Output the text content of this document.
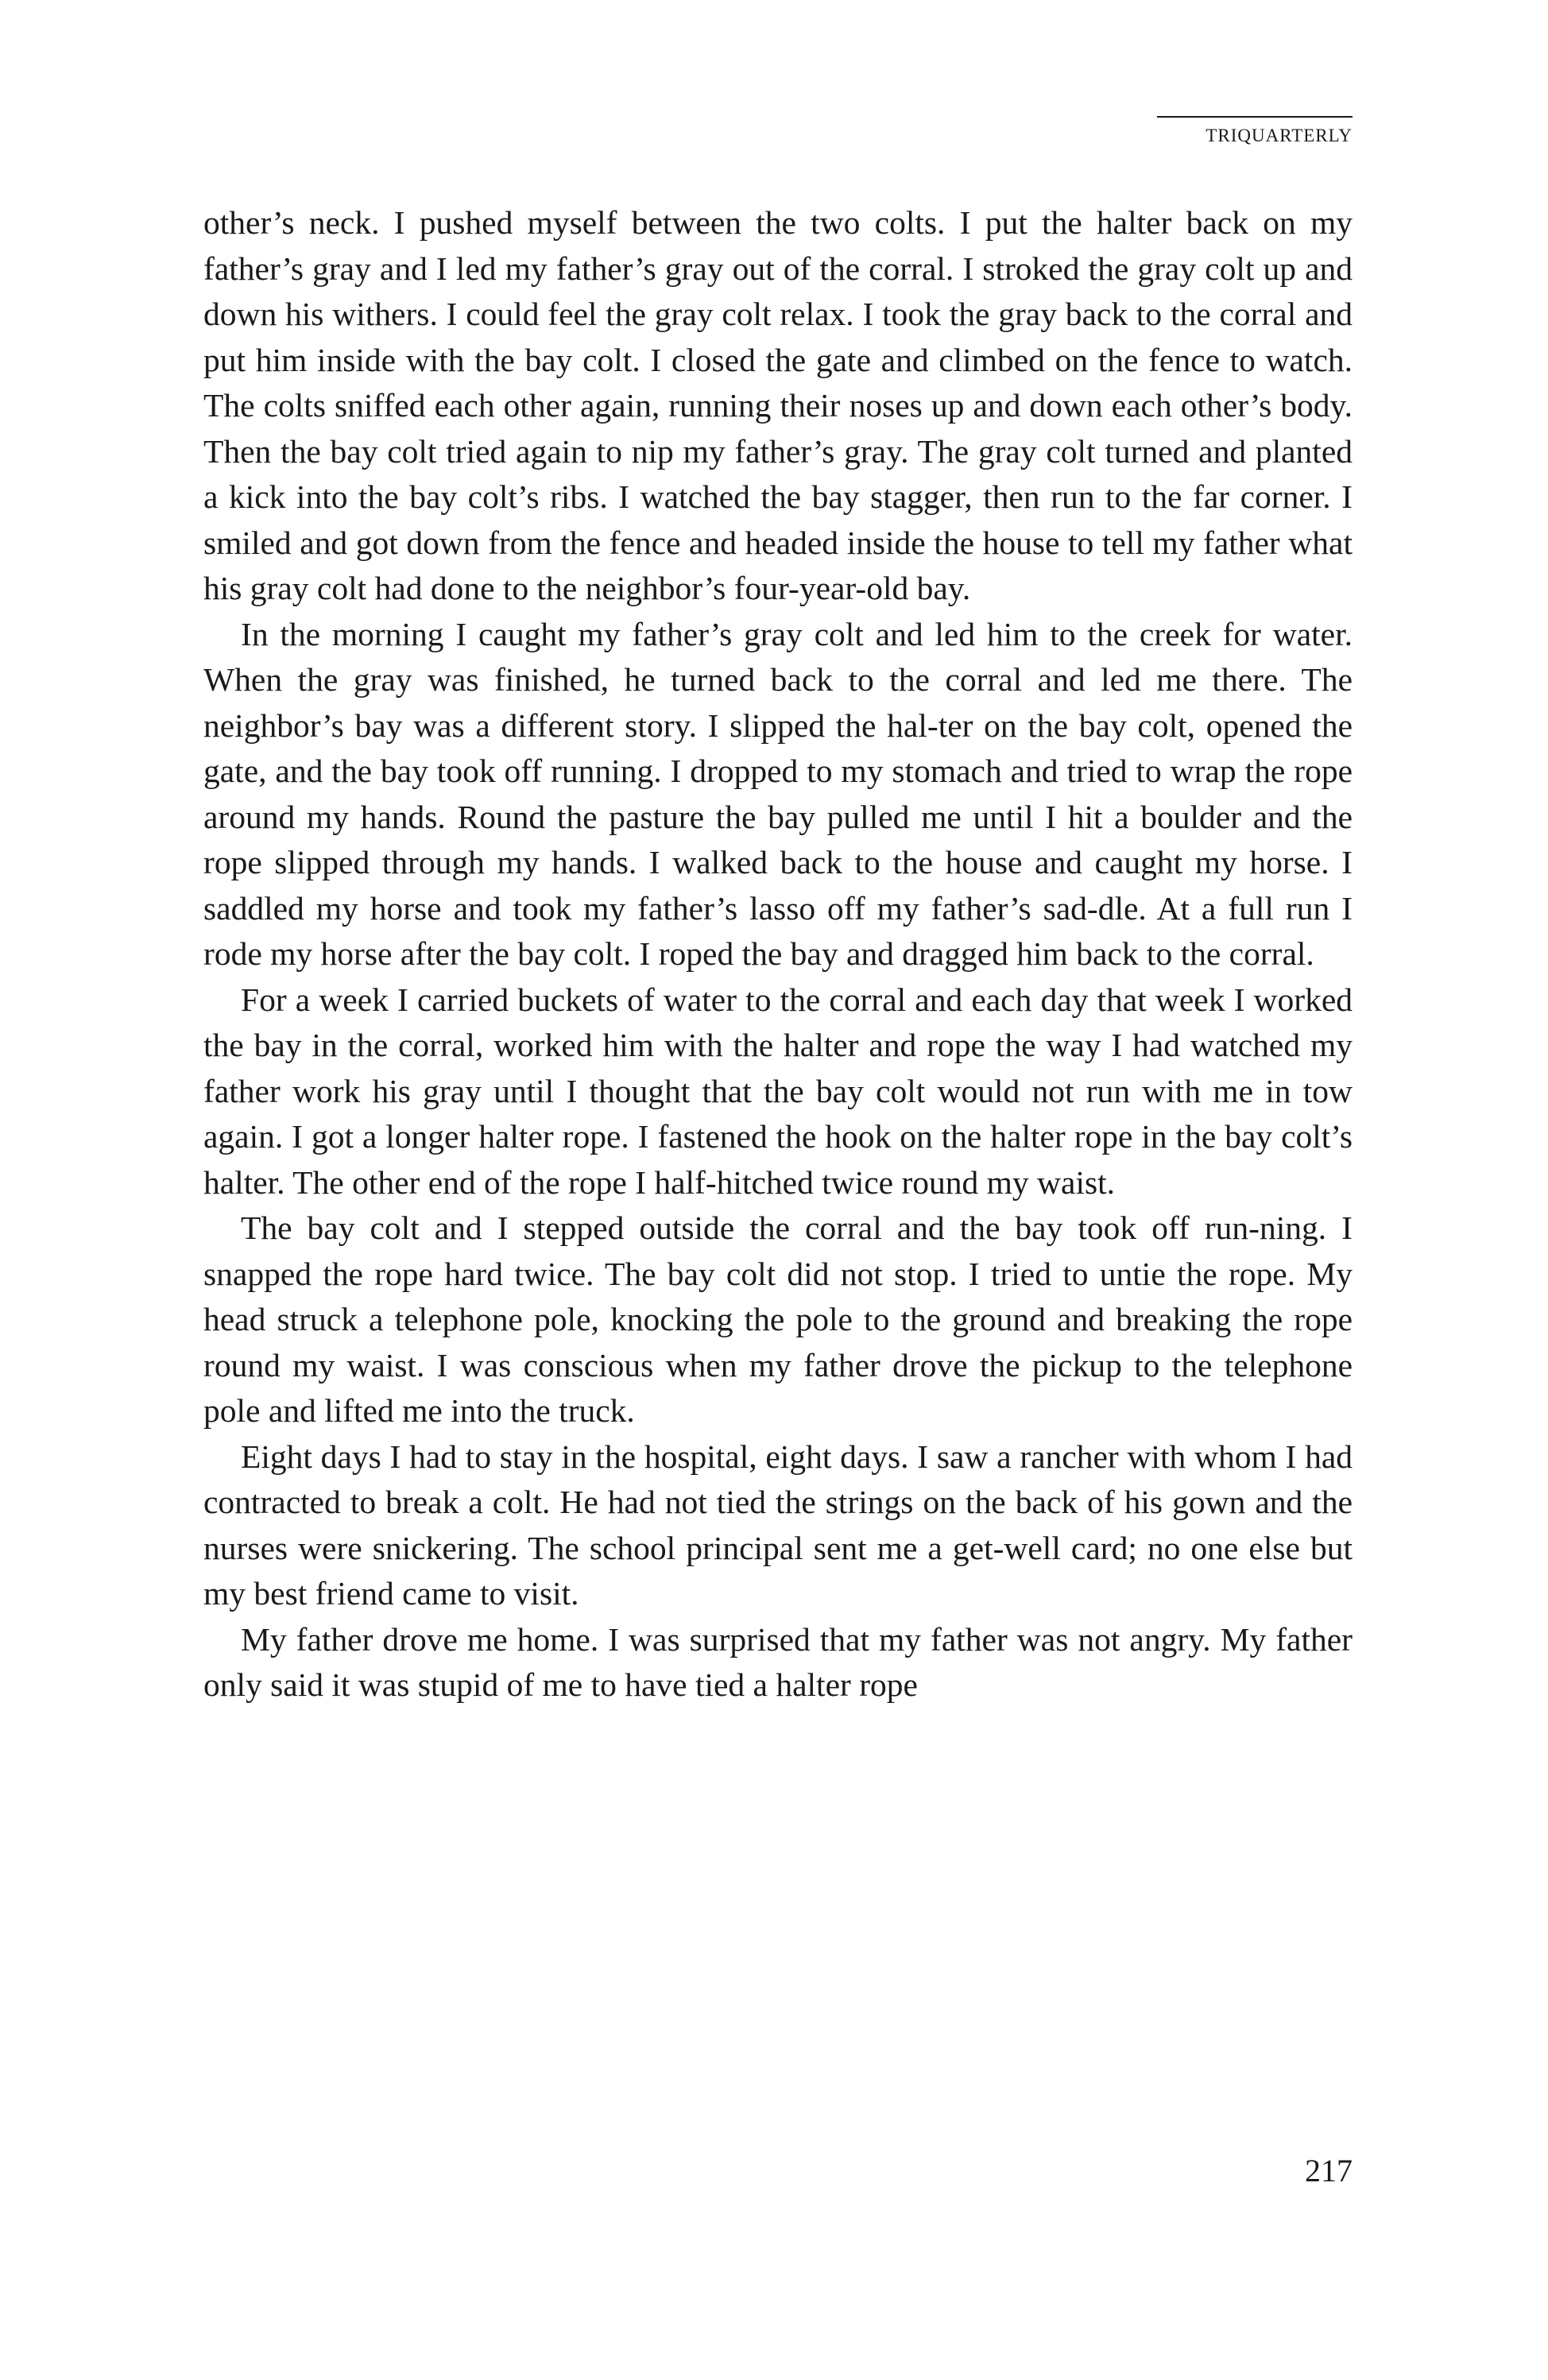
TRIQUARTERLY

other’s neck. I pushed myself between the two colts. I put the halter back on my father’s gray and I led my father’s gray out of the corral. I stroked the gray colt up and down his withers. I could feel the gray colt relax. I took the gray back to the corral and put him inside with the bay colt. I closed the gate and climbed on the fence to watch. The colts sniffed each other again, running their noses up and down each other’s body. Then the bay colt tried again to nip my father’s gray. The gray colt turned and planted a kick into the bay colt’s ribs. I watched the bay stagger, then run to the far corner. I smiled and got down from the fence and headed inside the house to tell my father what his gray colt had done to the neighbor’s four-year-old bay.

In the morning I caught my father’s gray colt and led him to the creek for water. When the gray was finished, he turned back to the corral and led me there. The neighbor’s bay was a different story. I slipped the hal-ter on the bay colt, opened the gate, and the bay took off running. I dropped to my stomach and tried to wrap the rope around my hands. Round the pasture the bay pulled me until I hit a boulder and the rope slipped through my hands. I walked back to the house and caught my horse. I saddled my horse and took my father’s lasso off my father’s sad-dle. At a full run I rode my horse after the bay colt. I roped the bay and dragged him back to the corral.

For a week I carried buckets of water to the corral and each day that week I worked the bay in the corral, worked him with the halter and rope the way I had watched my father work his gray until I thought that the bay colt would not run with me in tow again. I got a longer halter rope. I fastened the hook on the halter rope in the bay colt’s halter. The other end of the rope I half-hitched twice round my waist.

The bay colt and I stepped outside the corral and the bay took off run-ning. I snapped the rope hard twice. The bay colt did not stop. I tried to untie the rope. My head struck a telephone pole, knocking the pole to the ground and breaking the rope round my waist. I was conscious when my father drove the pickup to the telephone pole and lifted me into the truck.

Eight days I had to stay in the hospital, eight days. I saw a rancher with whom I had contracted to break a colt. He had not tied the strings on the back of his gown and the nurses were snickering. The school principal sent me a get-well card; no one else but my best friend came to visit.

My father drove me home. I was surprised that my father was not angry. My father only said it was stupid of me to have tied a halter rope

217
